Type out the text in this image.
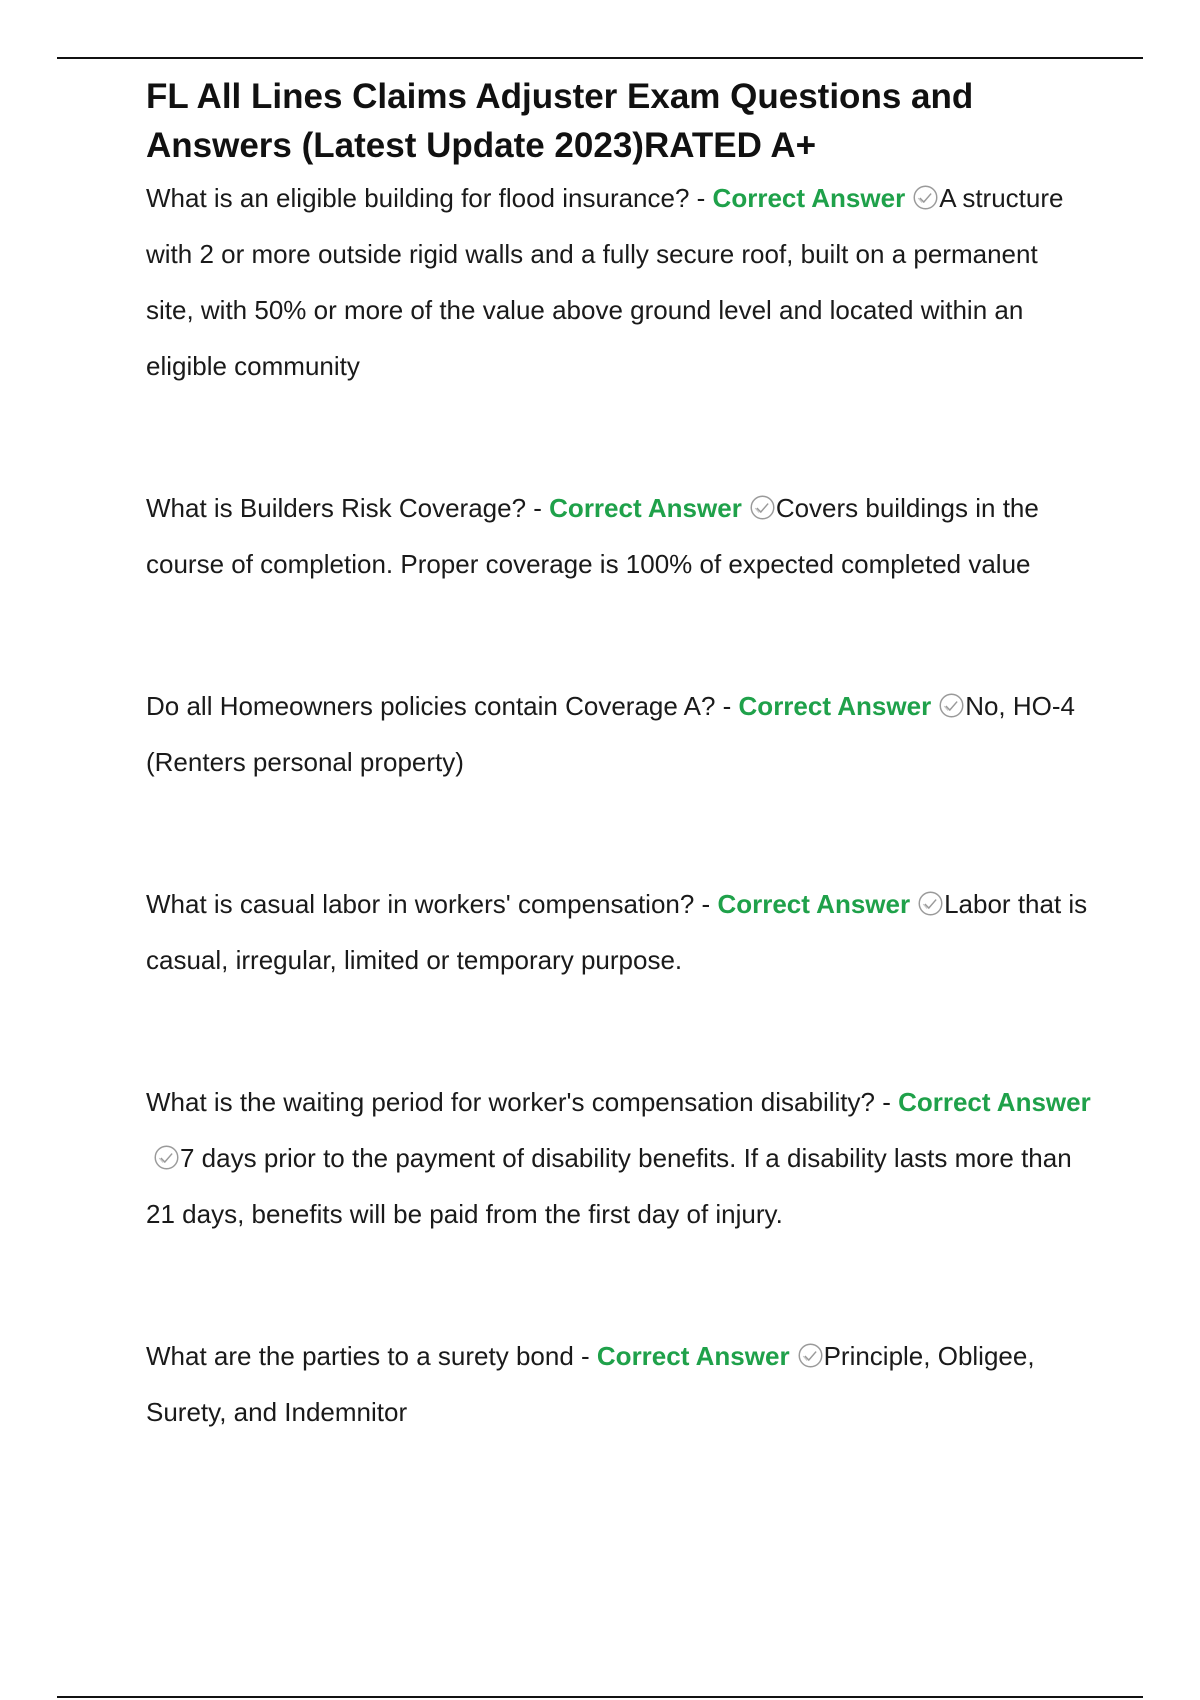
FL All Lines Claims Adjuster Exam Questions and
Answers (Latest Update 2023)RATED A+

What is an eligible building for flood insurance? - Correct Answer A structure with 2 or more outside rigid walls and a fully secure roof, built on a permanent site, with 50% or more of the value above ground level and located within an eligible community

What is Builders Risk Coverage? - Correct Answer Covers buildings in the course of completion. Proper coverage is 100% of expected completed value

Do all Homeowners policies contain Coverage A? - Correct Answer No, HO-4 (Renters personal property)

What is casual labor in workers' compensation? - Correct Answer Labor that is casual, irregular, limited or temporary purpose.

What is the waiting period for worker's compensation disability? - Correct Answer
7 days prior to the payment of disability benefits. If a disability lasts more than 21 days, benefits will be paid from the first day of injury.

What are the parties to a surety bond - Correct Answer Principle, Obligee, Surety, and Indemnitor
